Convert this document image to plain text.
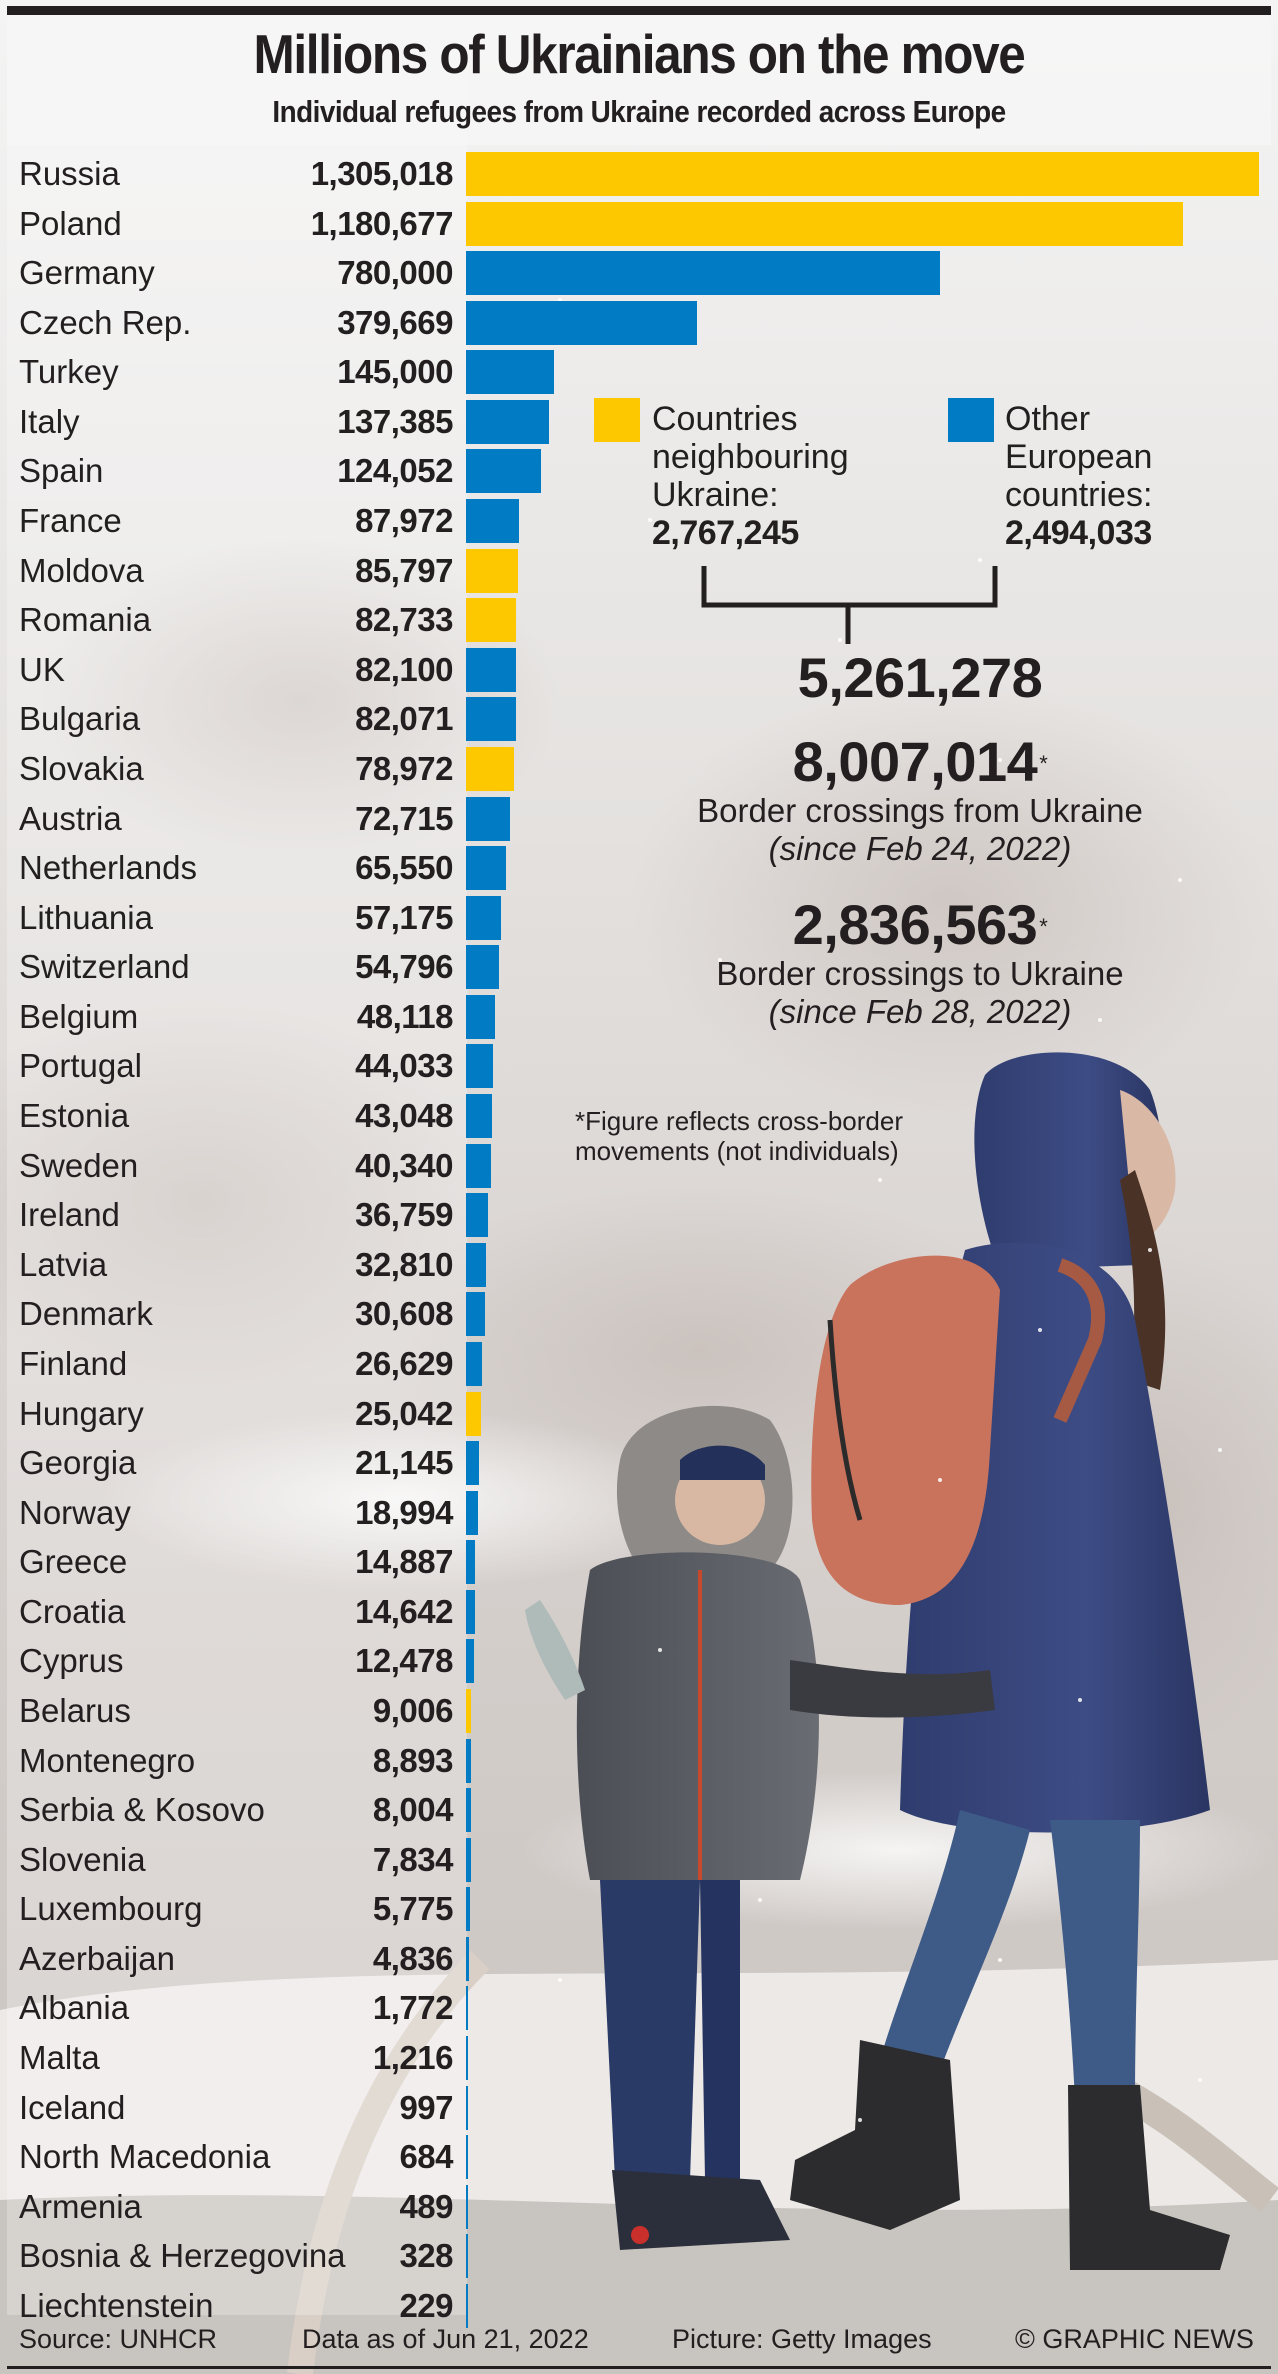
Millions of Ukrainians on the move
Individual refugees from Ukraine recorded across Europe
Russia	1,305,018
Poland	1,180,677
Germany	780,000
Czech Rep.	379,669
Turkey	145,000
Italy	137,385
Spain	124,052
France	87,972
Moldova	85,797
Romania	82,733
UK	82,100
Bulgaria	82,071
Slovakia	78,972
Austria	72,715
Netherlands	65,550
Lithuania	57,175
Switzerland	54,796
Belgium	48,118
Portugal	44,033
Estonia	43,048
Sweden	40,340
Ireland	36,759
Latvia	32,810
Denmark	30,608
Finland	26,629
Hungary	25,042
Georgia	21,145
Norway	18,994
Greece	14,887
Croatia	14,642
Cyprus	12,478
Belarus	9,006
Montenegro	8,893
Serbia & Kosovo	8,004
Slovenia	7,834
Luxembourg	5,775
Azerbaijan	4,836
Albania	1,772
Malta	1,216
Iceland	997
North Macedonia	684
Armenia	489
Bosnia & Herzegovina 328
Liechtenstein	229
Countries
neighbouring
Ukraine:
2,767,245
Other
European
countries:
2,494,033
5,261,278
8,007,014*
Border crossings from Ukraine
(since Feb 24, 2022)
2,836,563*
Border crossings to Ukraine
(since Feb 28, 2022)
*Figure reflects cross-border
movements (not individuals)
Source: UNHCR	Data as of Jun 21, 2022	Picture: Getty Images	© GRAPHIC NEWS
